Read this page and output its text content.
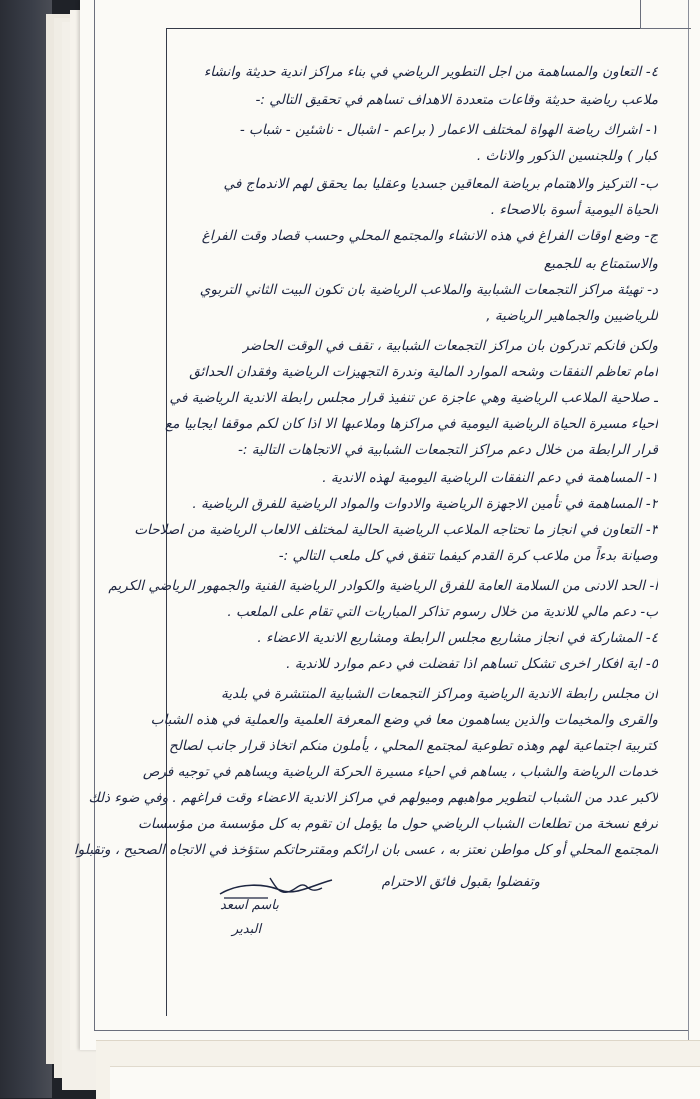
٤- التعاون والمساهمة من اجل التطوير الرياضي في بناء مراكز اندية حديثة وانشاء
ملاعب رياضية حديثة وقاعات متعددة الاهداف تساهم في تحقيق التالي :-
١- اشراك رياضة الهواة لمختلف الاعمار ( براعم - اشبال - ناشئين - شباب -
كبار ) وللجنسين الذكور والاناث .
ب- التركيز والاهتمام برياضة المعاقين جسديا وعقليا بما يحقق لهم الاندماج في
الحياة اليومية أسوة بالاصحاء .
ج- وضع اوقات الفراغ في هذه الانشاء والمجتمع المحلي وحسب قصاد وقت الفراغ
والاستمتاع به للجميع
د- تهيئة مراكز التجمعات الشبابية والملاعب الرياضية بان تكون البيت الثاني التربوي
للرياضيين والجماهير الرياضية ,
ولكن فانكم تدركون بان مراكز التجمعات الشبابية ، تقف في الوقت الحاضر
امام تعاظم النفقات وشحه الموارد المالية وندرة التجهيزات الرياضية وفقدان الحدائق
ـ صلاحية الملاعب الرياضية وهي عاجزة عن تنفيذ قرار مجلس رابطة الاندية الرياضية في
احياء مسيرة الحياة الرياضية اليومية في مراكزها وملاعبها الا اذا كان لكم موقفا ايجابيا مع
قرار الرابطة من خلال دعم مراكز التجمعات الشبابية في الاتجاهات التالية :-
١- المساهمة في دعم النفقات الرياضية اليومية لهذه الاندية .
٢- المساهمة في تأمين الاجهزة الرياضية والادوات والمواد الرياضية للفرق الرياضية .
٣- التعاون في انجاز ما تحتاجه الملاعب الرياضية الحالية لمختلف الالعاب الرياضية من اصلاحات
وصيانة بدءاً من ملاعب كرة القدم كيفما تتفق في كل ملعب التالي :-
أ- الحد الادنى من السلامة العامة للفرق الرياضية والكوادر الرياضية الفنية والجمهور الرياضي الكريم
ب- دعم مالي للاندية من خلال رسوم تذاكر المباريات التي تقام على الملعب .
٤- المشاركة في انجاز مشاريع مجلس الرابطة ومشاريع الاندية الاعضاء .
٥- اية افكار اخرى تشكل تساهم اذا تفضلت في دعم موارد للاندية .
ان مجلس رابطة الاندية الرياضية ومراكز التجمعات الشبابية المنتشرة في بلدية
والقرى والمخيمات والذين يساهمون معا في وضع المعرفة العلمية والعملية في هذه الشباب
كتربية اجتماعية لهم وهذه تطوعية لمجتمع المحلي ، يأملون منكم اتخاذ قرار جانب لصالح
خدمات الرياضة والشباب ، يساهم في احياء مسيرة الحركة الرياضية ويساهم في توجيه فرص
لاكبر عدد من الشباب لتطوير مواهبهم وميولهم في مراكز الاندية الاعضاء وقت فراغهم . وفي ضوء ذلك
نرفع نسخة من تطلعات الشباب الرياضي حول ما يؤمل ان تقوم به كل مؤسسة من مؤسسات
المجتمع المحلي أو كل مواطن نعتز به ، عسى بان ارائكم ومقترحاتكم ستؤخذ في الاتجاه الصحيح ، وتقبلوا
وتفضلوا بقبول فائق الاحترام
باسم اسعد
البدير
